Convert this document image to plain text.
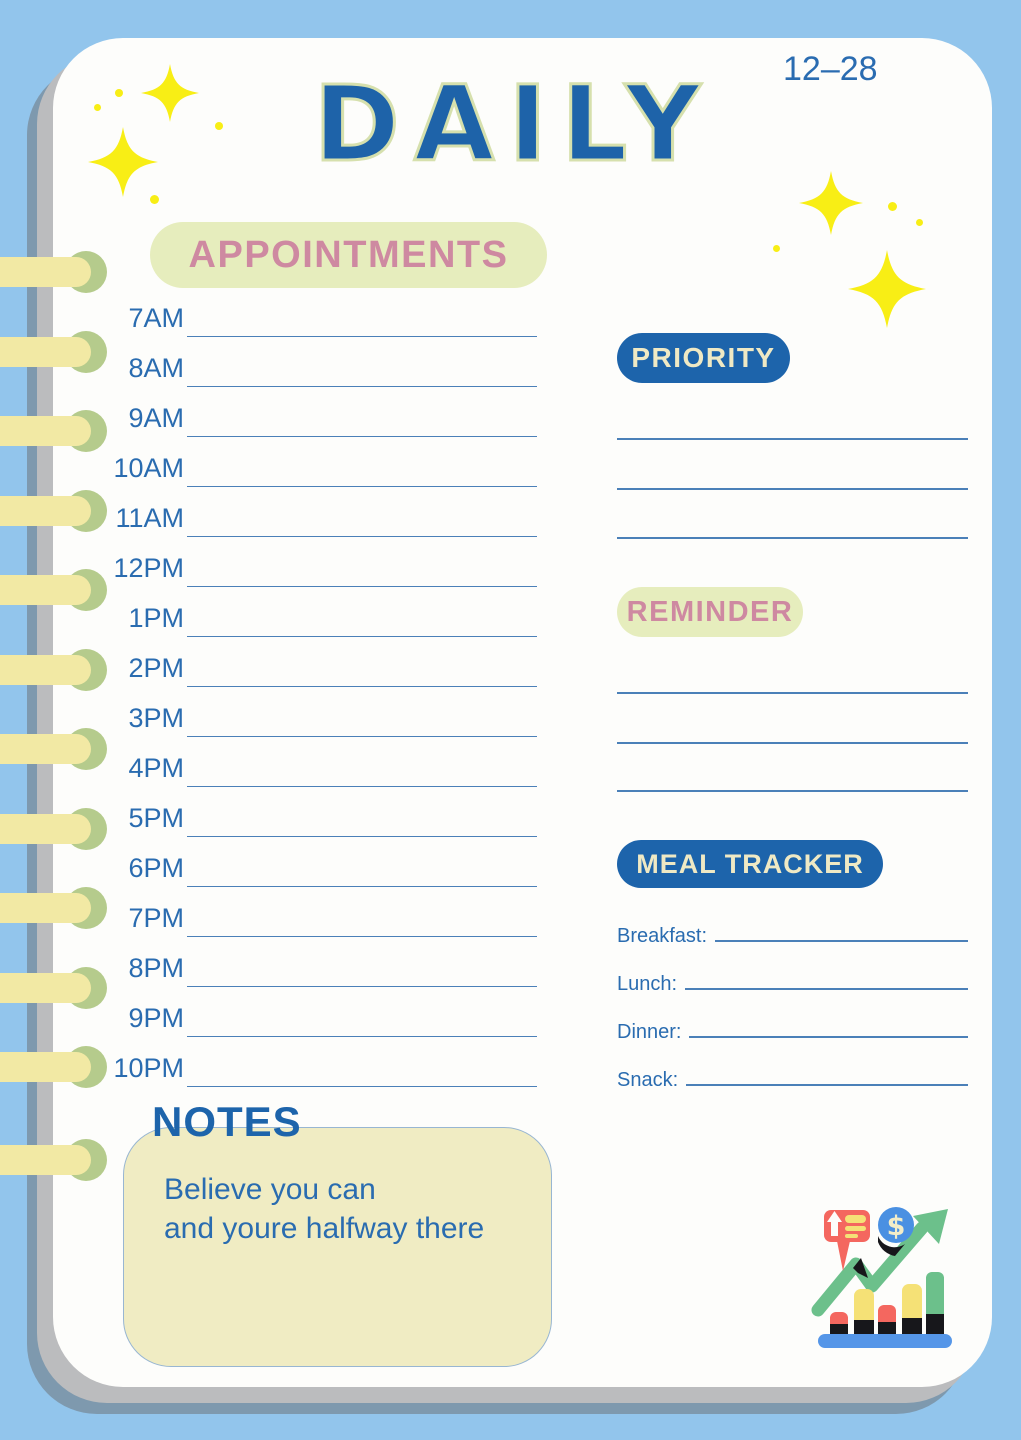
DAILY 12–28
APPOINTMENTS
PRIORITY
REMINDER
MEAL TRACKER
7AM
8AM
9AM
10AM
11AM
12PM
1PM
2PM
3PM
4PM
5PM
6PM
7PM
8PM
9PM
10PM
Breakfast:
Lunch:
Dinner:
Snack:
NOTES
Believe you can
and youre halfway there	$
